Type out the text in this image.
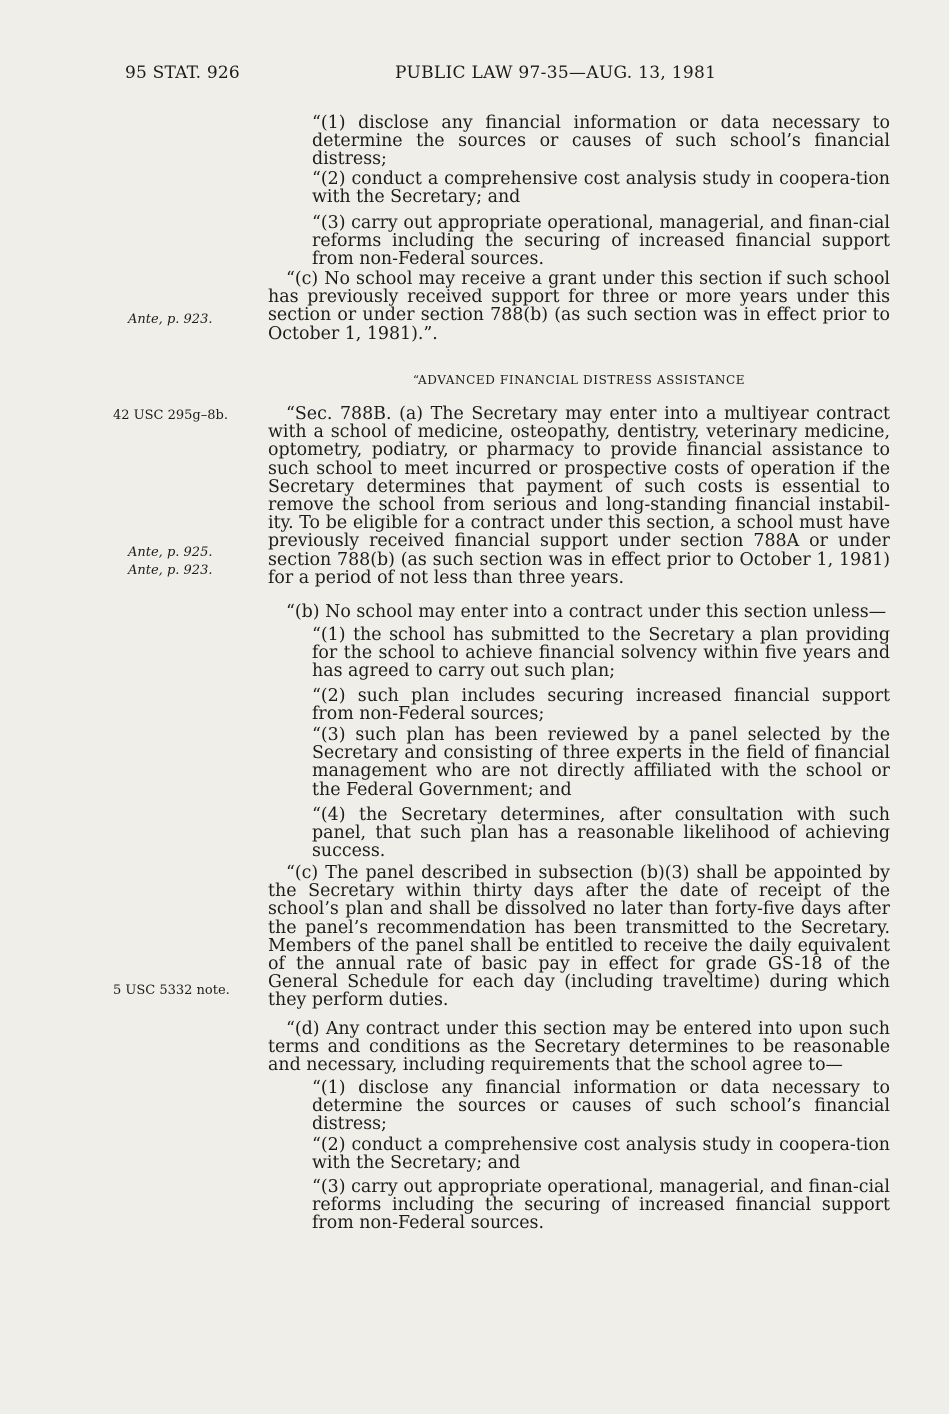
95 STAT. 926	PUBLIC LAW 97-35—AUG. 13, 1981
Ante, p. 923.
42 USC 295g–8b.
Ante, p. 925.
Ante, p. 923.
5 USC 5332 note.

“(1) disclose any financial information or data necessary to determine the sources or causes of such school’s financial distress;

“(2) conduct a comprehensive cost analysis study in coopera-tion with the Secretary; and

“(3) carry out appropriate operational, managerial, and finan-cial reforms including the securing of increased financial support from non-Federal sources.

“(c) No school may receive a grant under this section if such school has previously received support for three or more years under this section or under section 788(b) (as such section was in effect prior to October 1, 1981).”.

“ADVANCED FINANCIAL DISTRESS ASSISTANCE

“Sec. 788B. (a) The Secretary may enter into a multiyear contract with a school of medicine, osteopathy, dentistry, veterinary medicine, optometry, podiatry, or pharmacy to provide financial assistance to such school to meet incurred or prospective costs of operation if the Secretary determines that payment of such costs is essential to remove the school from serious and long-standing financial instabil-ity. To be eligible for a contract under this section, a school must have previously received financial support under section 788A or under section 788(b) (as such section was in effect prior to October 1, 1981) for a period of not less than three years.

“(b) No school may enter into a contract under this section unless—

“(1) the school has submitted to the Secretary a plan providing for the school to achieve financial solvency within five years and has agreed to carry out such plan;

“(2) such plan includes securing increased financial support from non-Federal sources;

“(3) such plan has been reviewed by a panel selected by the Secretary and consisting of three experts in the field of financial management who are not directly affiliated with the school or the Federal Government; and

“(4) the Secretary determines, after consultation with such panel, that such plan has a reasonable likelihood of achieving success.

“(c) The panel described in subsection (b)(3) shall be appointed by the Secretary within thirty days after the date of receipt of the school’s plan and shall be dissolved no later than forty-five days after the panel’s recommendation has been transmitted to the Secretary. Members of the panel shall be entitled to receive the daily equivalent of the annual rate of basic pay in effect for grade GS-18 of the General Schedule for each day (including traveltime) during which they perform duties.

“(d) Any contract under this section may be entered into upon such terms and conditions as the Secretary determines to be reasonable and necessary, including requirements that the school agree to—

“(1) disclose any financial information or data necessary to determine the sources or causes of such school’s financial distress;

“(2) conduct a comprehensive cost analysis study in coopera-tion with the Secretary; and

“(3) carry out appropriate operational, managerial, and finan-cial reforms including the securing of increased financial support from non-Federal sources.
